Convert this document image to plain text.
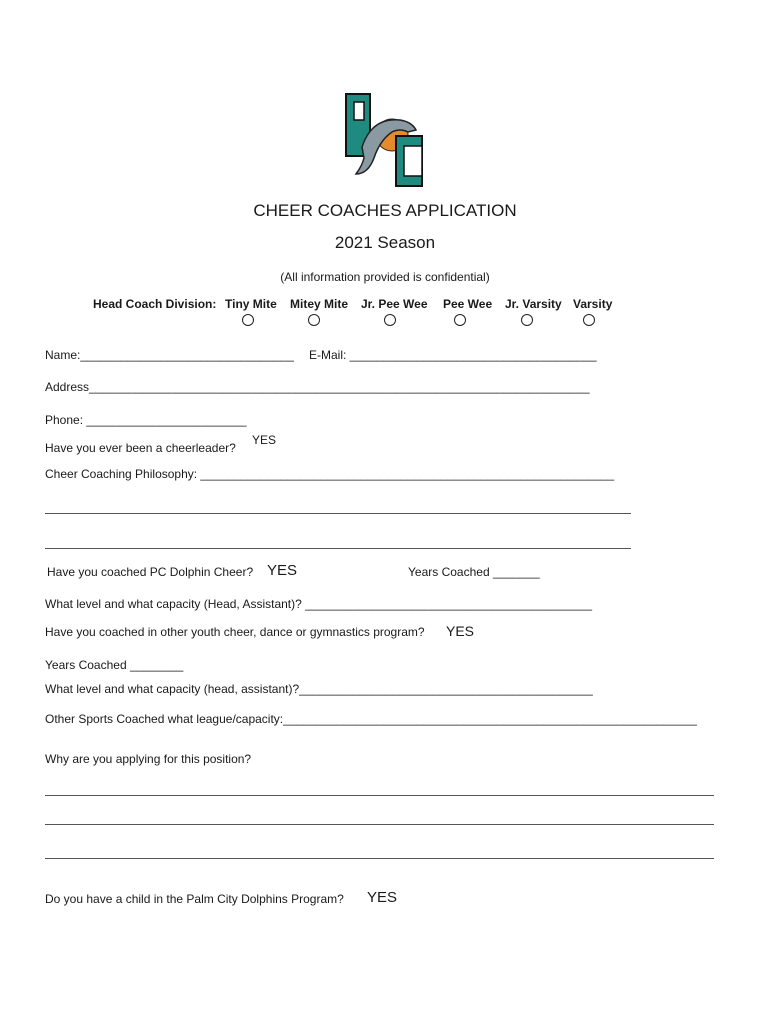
CHEER COACHES APPLICATION
2021 Season
(All information provided is confidential)
Head Coach Division: Tiny Mite Mitey Mite Jr. Pee Wee Pee Wee Jr. Varsity Varsity
Name:________________________________ E-Mail: _____________________________________
Address___________________________________________________________________________
Phone: ________________________
Have you ever been a cheerleader?
YES
Cheer Coaching Philosophy: ______________________________________________________________
Have you coached PC Dolphin Cheer? YES	Years Coached _______
What level and what capacity (Head, Assistant)? ___________________________________________
Have you coached in other youth cheer, dance or gymnastics program? YES
Years Coached ________
What level and what capacity (head, assistant)?____________________________________________
Other Sports Coached what league/capacity:______________________________________________________________
Why are you applying for this position?
Do you have a child in the Palm City Dolphins Program? YES
